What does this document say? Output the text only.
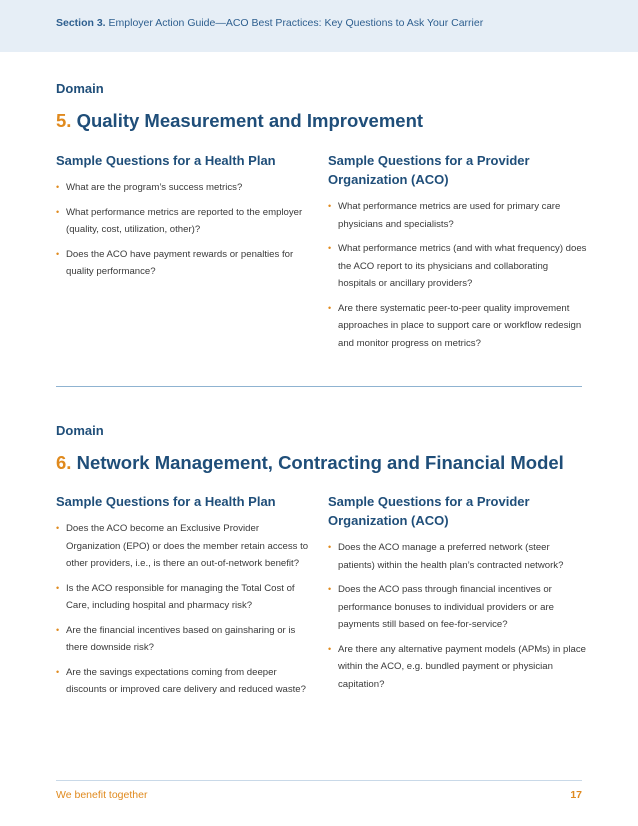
Section 3. Employer Action Guide—ACO Best Practices: Key Questions to Ask Your Carrier
Domain
5. Quality Measurement and Improvement
Sample Questions for a Health Plan
• What are the program’s success metrics?
• What performance metrics are reported to the employer (quality, cost, utilization, other)?
• Does the ACO have payment rewards or penalties for quality performance?
Sample Questions for a Provider Organization (ACO)
• What performance metrics are used for primary care physicians and specialists?
• What performance metrics (and with what frequency) does the ACO report to its physicians and collaborating hospitals or ancillary providers?
• Are there systematic peer-to-peer quality improvement approaches in place to support care or workflow redesign and monitor progress on metrics?
Domain
6. Network Management, Contracting and Financial Model
Sample Questions for a Health Plan
• Does the ACO become an Exclusive Provider Organization (EPO) or does the member retain access to other providers, i.e., is there an out-of-network benefit?
• Is the ACO responsible for managing the Total Cost of Care, including hospital and pharmacy risk?
• Are the financial incentives based on gainsharing or is there downside risk?
• Are the savings expectations coming from deeper discounts or improved care delivery and reduced waste?
Sample Questions for a Provider Organization (ACO)
• Does the ACO manage a preferred network (steer patients) within the health plan’s contracted network?
• Does the ACO pass through financial incentives or performance bonuses to individual providers or are payments still based on fee-for-service?
• Are there any alternative payment models (APMs) in place within the ACO, e.g. bundled payment or physician capitation?
We benefit together	17
